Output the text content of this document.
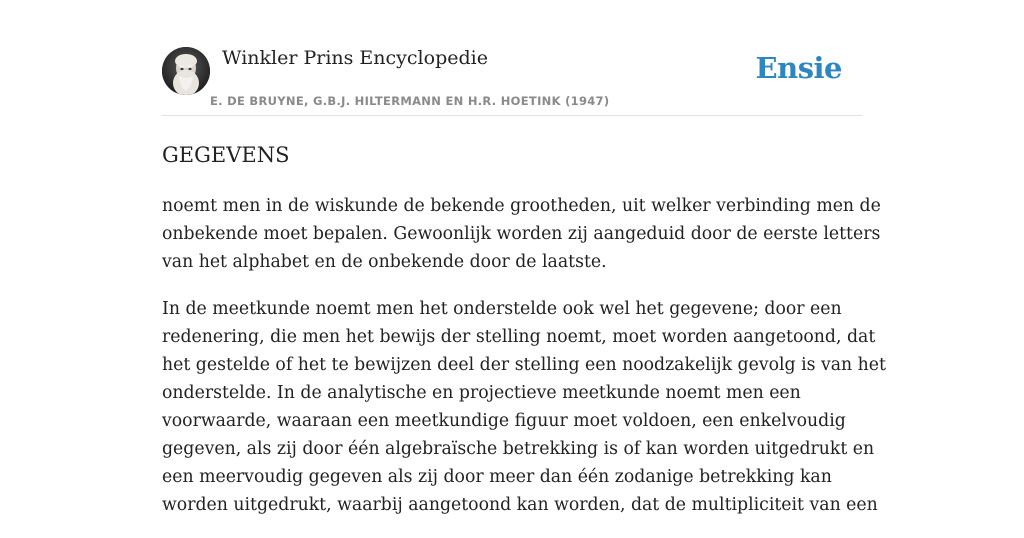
Winkler Prins Encyclopedie
E. DE BRUYNE, G.B.J. HILTERMANN EN H.R. HOETINK (1947)
Ensie
GEGEVENS

noemt men in de wiskunde de bekende grootheden, uit welker verbinding men de
onbekende moet bepalen. Gewoonlijk worden zij aangeduid door de eerste letters
van het alphabet en de onbekende door de laatste.

In de meetkunde noemt men het onderstelde ook wel het gegevene; door een
redenering, die men het bewijs der stelling noemt, moet worden aangetoond, dat
het gestelde of het te bewijzen deel der stelling een noodzakelijk gevolg is van het
onderstelde. In de analytische en projectieve meetkunde noemt men een
voorwaarde, waaraan een meetkundige figuur moet voldoen, een enkelvoudig
gegeven, als zij door één algebraïsche betrekking is of kan worden uitgedrukt en
een meervoudig gegeven als zij door meer dan één zodanige betrekking kan
worden uitgedrukt, waarbij aangetoond kan worden, dat de multipliciteit van een
